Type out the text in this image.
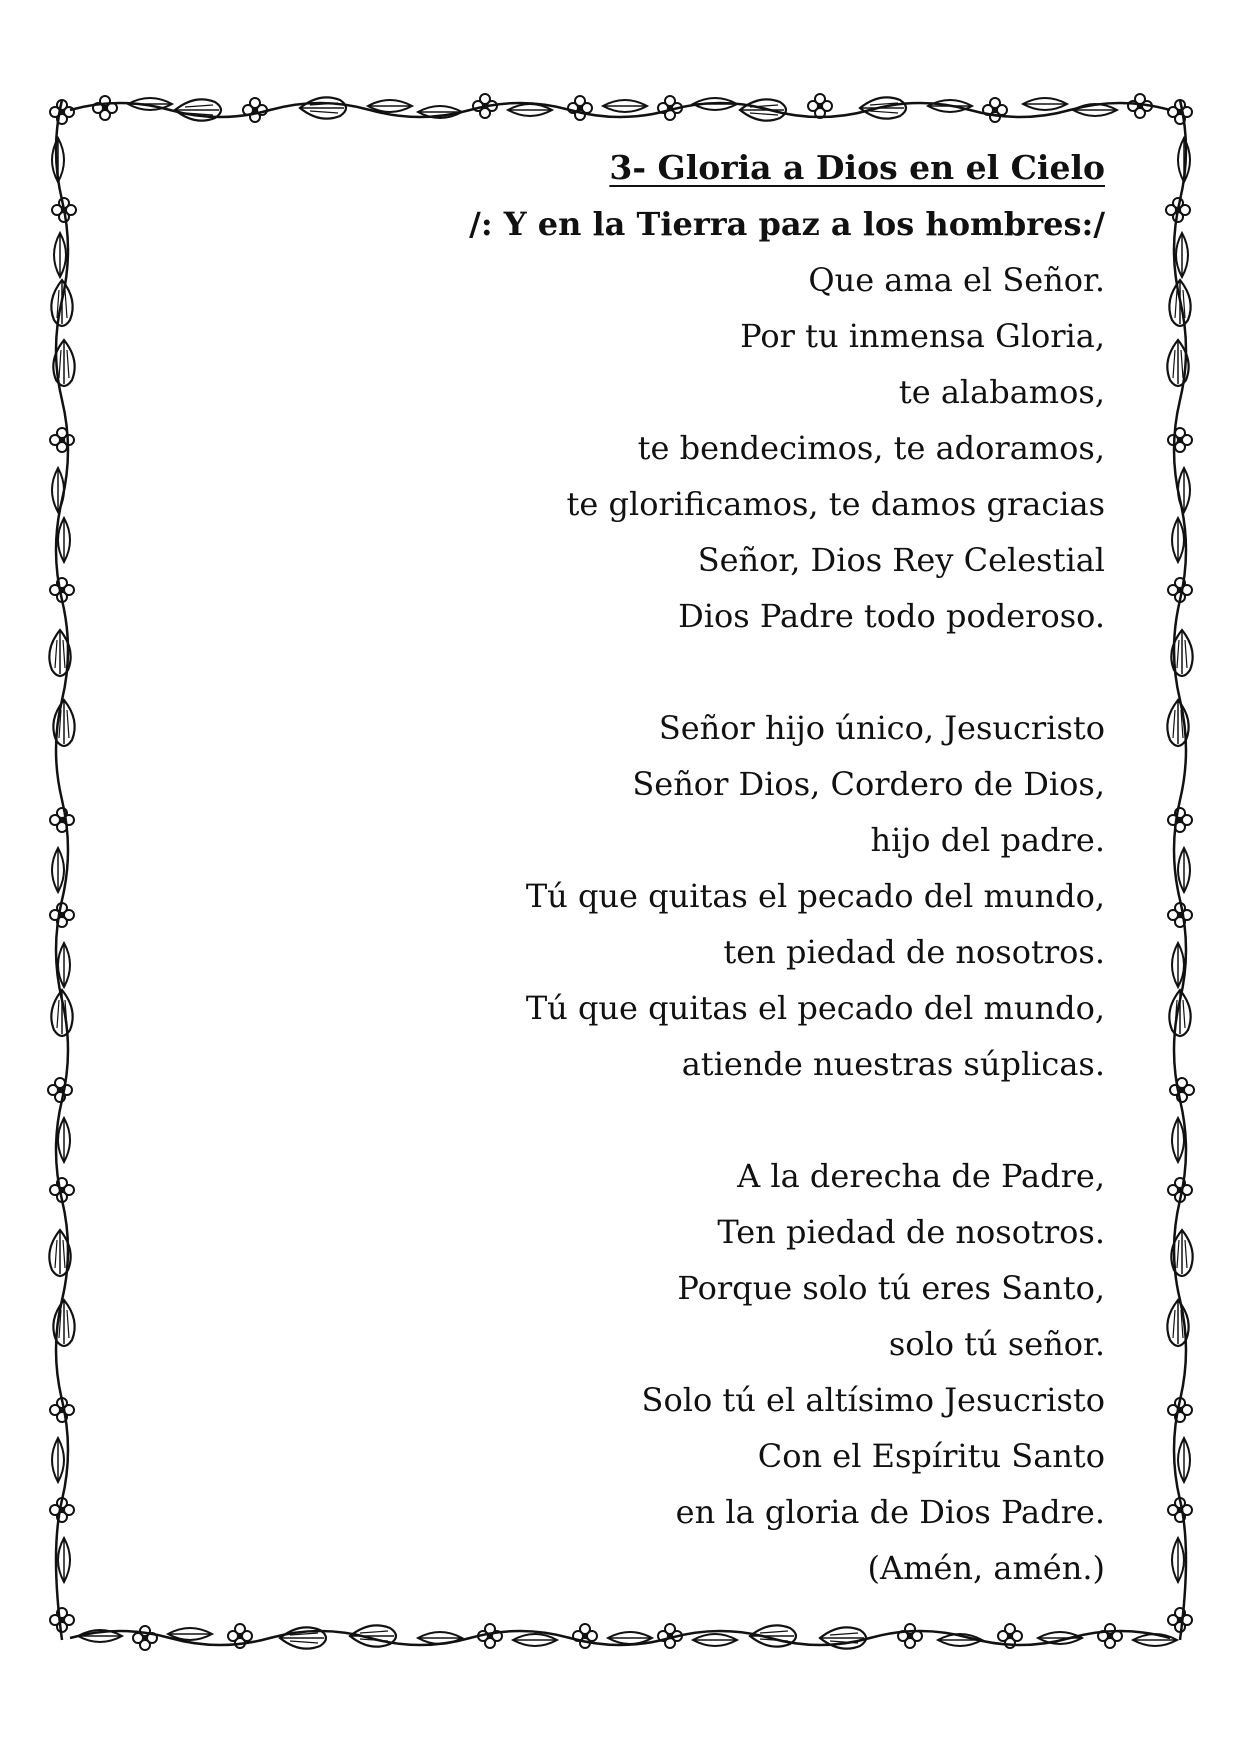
3- Gloria a Dios en el Cielo
/: Y en la Tierra paz a los hombres:/
Que ama el Señor.
Por tu inmensa Gloria,
te alabamos,
te bendecimos, te adoramos,
te glorificamos, te damos gracias
Señor, Dios Rey Celestial
Dios Padre todo poderoso.
Señor hijo único, Jesucristo
Señor Dios, Cordero de Dios,
hijo del padre.
Tú que quitas el pecado del mundo,
ten piedad de nosotros.
Tú que quitas el pecado del mundo,
atiende nuestras súplicas.
A la derecha de Padre,
Ten piedad de nosotros.
Porque solo tú eres Santo,
solo tú señor.
Solo tú el altísimo Jesucristo
Con el Espíritu Santo
en la gloria de Dios Padre.
(Amén, amén.)
